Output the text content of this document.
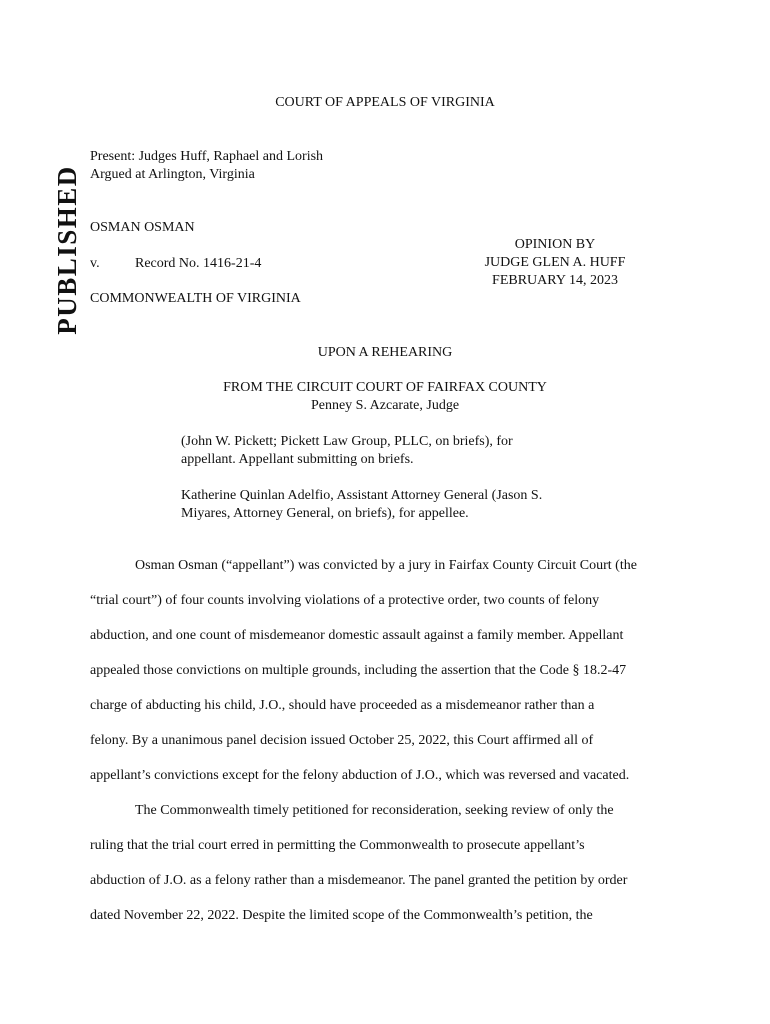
PUBLISHED
COURT OF APPEALS OF VIRGINIA
Present: Judges Huff, Raphael and Lorish
Argued at Arlington, Virginia
OSMAN OSMAN
v.	Record No. 1416-21-4
COMMONWEALTH OF VIRGINIA
OPINION BY
JUDGE GLEN A. HUFF
FEBRUARY 14, 2023
UPON A REHEARING
FROM THE CIRCUIT COURT OF FAIRFAX COUNTY
Penney S. Azcarate, Judge
(John W. Pickett; Pickett Law Group, PLLC, on briefs), for
appellant. Appellant submitting on briefs.
Katherine Quinlan Adelfio, Assistant Attorney General (Jason S.
Miyares, Attorney General, on briefs), for appellee.
Osman Osman (“appellant”) was convicted by a jury in Fairfax County Circuit Court (the
“trial court”) of four counts involving violations of a protective order, two counts of felony
abduction, and one count of misdemeanor domestic assault against a family member. Appellant
appealed those convictions on multiple grounds, including the assertion that the Code § 18.2-47
charge of abducting his child, J.O., should have proceeded as a misdemeanor rather than a
felony. By a unanimous panel decision issued October 25, 2022, this Court affirmed all of
appellant’s convictions except for the felony abduction of J.O., which was reversed and vacated.
The Commonwealth timely petitioned for reconsideration, seeking review of only the
ruling that the trial court erred in permitting the Commonwealth to prosecute appellant’s
abduction of J.O. as a felony rather than a misdemeanor. The panel granted the petition by order
dated November 22, 2022. Despite the limited scope of the Commonwealth’s petition, the
